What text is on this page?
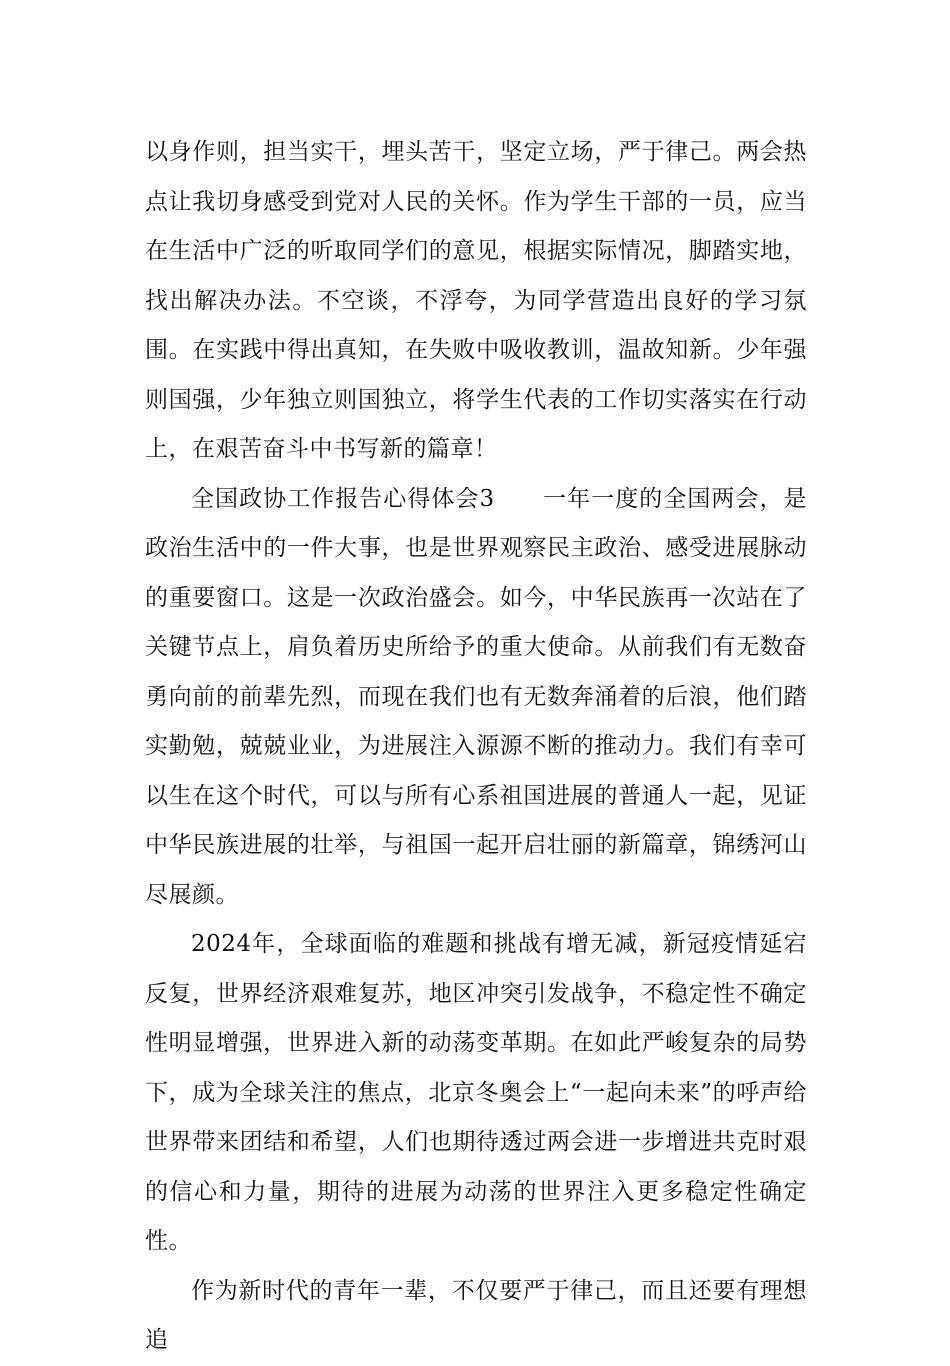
以身作则，担当实干，埋头苦干，坚定立场，严于律己。两会热点让我切身感受到党对人民的关怀。作为学生干部的一员，应当在生活中广泛的听取同学们的意见，根据实际情况，脚踏实地，找出解决办法。不空谈，不浮夸，为同学营造出良好的学习氛围。在实践中得出真知，在失败中吸收教训，温故知新。少年强则国强，少年独立则国独立，将学生代表的工作切实落实在行动上，在艰苦奋斗中书写新的篇章！

全国政协工作报告心得体会3 一年一度的全国两会，是政治生活中的一件大事，也是世界观察民主政治、感受进展脉动的重要窗口。这是一次政治盛会。如今，中华民族再一次站在了关键节点上，肩负着历史所给予的重大使命。从前我们有无数奋勇向前的前辈先烈，而现在我们也有无数奔涌着的后浪，他们踏实勤勉，兢兢业业，为进展注入源源不断的推动力。我们有幸可以生在这个时代，可以与所有心系祖国进展的普通人一起，见证中华民族进展的壮举，与祖国一起开启壮丽的新篇章，锦绣河山尽展颜。

2024年，全球面临的难题和挑战有增无减，新冠疫情延宕反复，世界经济艰难复苏，地区冲突引发战争，不稳定性不确定性明显增强，世界进入新的动荡变革期。在如此严峻复杂的局势下，成为全球关注的焦点，北京冬奥会上“一起向未来”的呼声给世界带来团结和希望，人们也期待透过两会进一步增进共克时艰的信心和力量，期待的进展为动荡的世界注入更多稳定性确定性。

作为新时代的青年一辈，不仅要严于律己，而且还要有理想追
